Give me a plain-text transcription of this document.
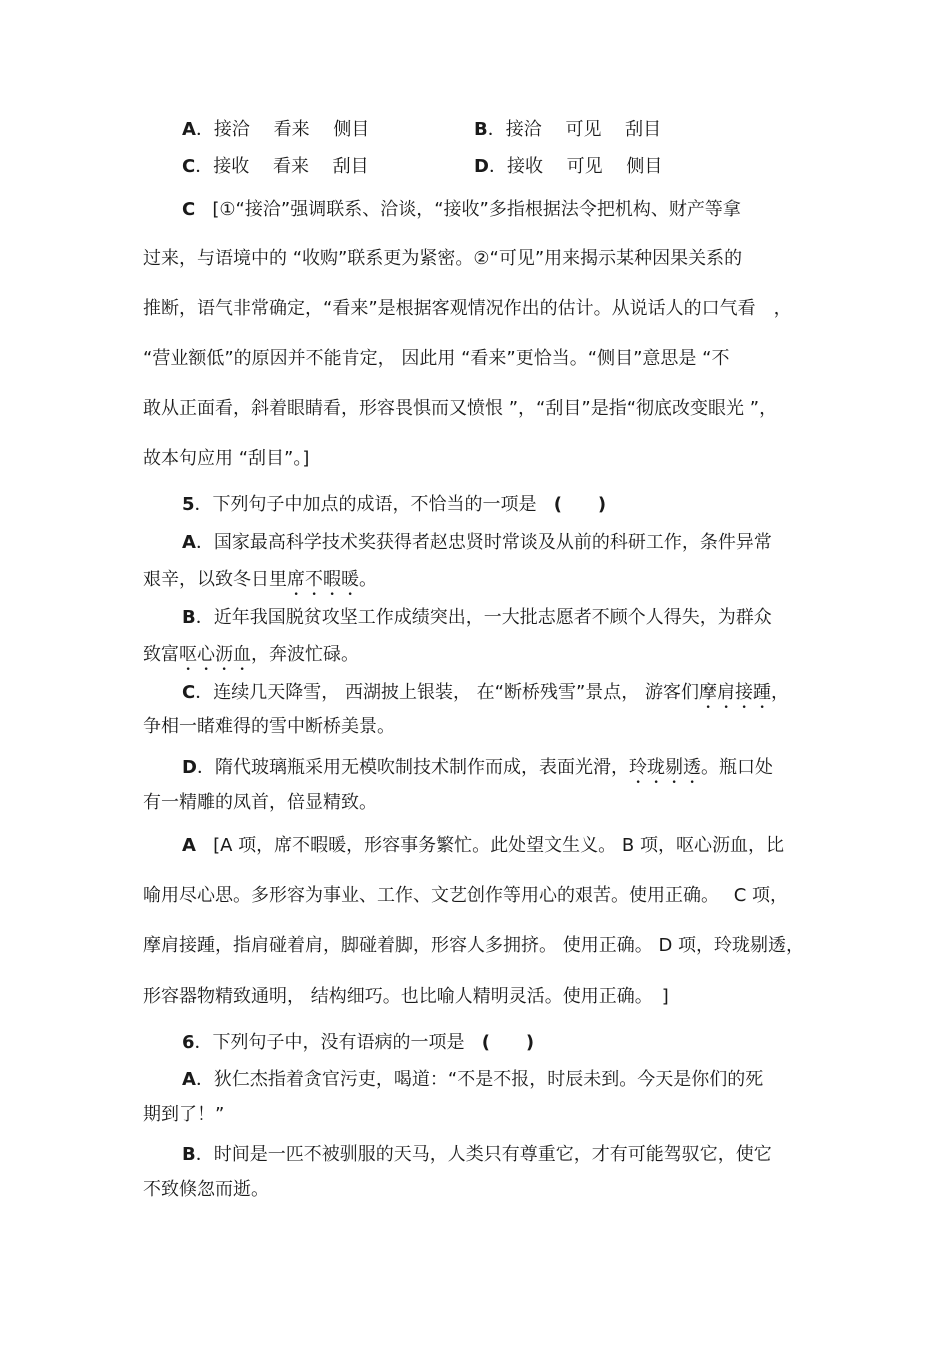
A．接洽　 看来　 侧目	B．接洽　 可见　 刮目
C．接收　 看来　 刮目	D．接收　 可见　 侧目
C [①“接洽”强调联系、洽谈，“接收”多指根据法令把机构、财产等拿
过来，与语境中的 “收购”联系更为紧密。②“可见”用来揭示某种因果关系的
推断，语气非常确定，“看来”是根据客观情况作出的估计。从说话人的口气看　，
“营业额低”的原因并不能肯定， 因此用 “看来”更恰当。“侧目”意思是 “不
敢从正面看，斜着眼睛看，形容畏惧而又愤恨 ”，“刮目”是指“彻底改变眼光 ”，
故本句应用 “刮目”。]
5．下列句子中加点的成语，不恰当的一项是 (　　)
A．国家最高科学技术奖获得者赵忠贤时常谈及从前的科研工作，条件异常
艰辛，以致冬日里席不暇暖。
B．近年我国脱贫攻坚工作成绩突出，一大批志愿者不顾个人得失，为群众
致富呕心沥血，奔波忙碌。
C．连续几天降雪， 西湖披上银装， 在“断桥残雪”景点， 游客们摩肩接踵，
争相一睹难得的雪中断桥美景。
D．隋代玻璃瓶采用无模吹制技术制作而成，表面光滑，玲珑剔透。瓶口处
有一精雕的凤首，倍显精致。
A [A 项，席不暇暖，形容事务繁忙。此处望文生义。 B 项，呕心沥血，比
喻用尽心思。多形容为事业、工作、文艺创作等用心的艰苦。使用正确。　 C 项，
摩肩接踵，指肩碰着肩，脚碰着脚，形容人多拥挤。 使用正确。 D 项，玲珑剔透，
形容器物精致通明， 结构细巧。也比喻人精明灵活。使用正确。　]
6．下列句子中，没有语病的一项是 (　　)
A．狄仁杰指着贪官污吏，喝道：“不是不报，时辰未到。今天是你们的死
期到了！”
B．时间是一匹不被驯服的天马，人类只有尊重它，才有可能驾驭它，使它
不致倏忽而逝。
